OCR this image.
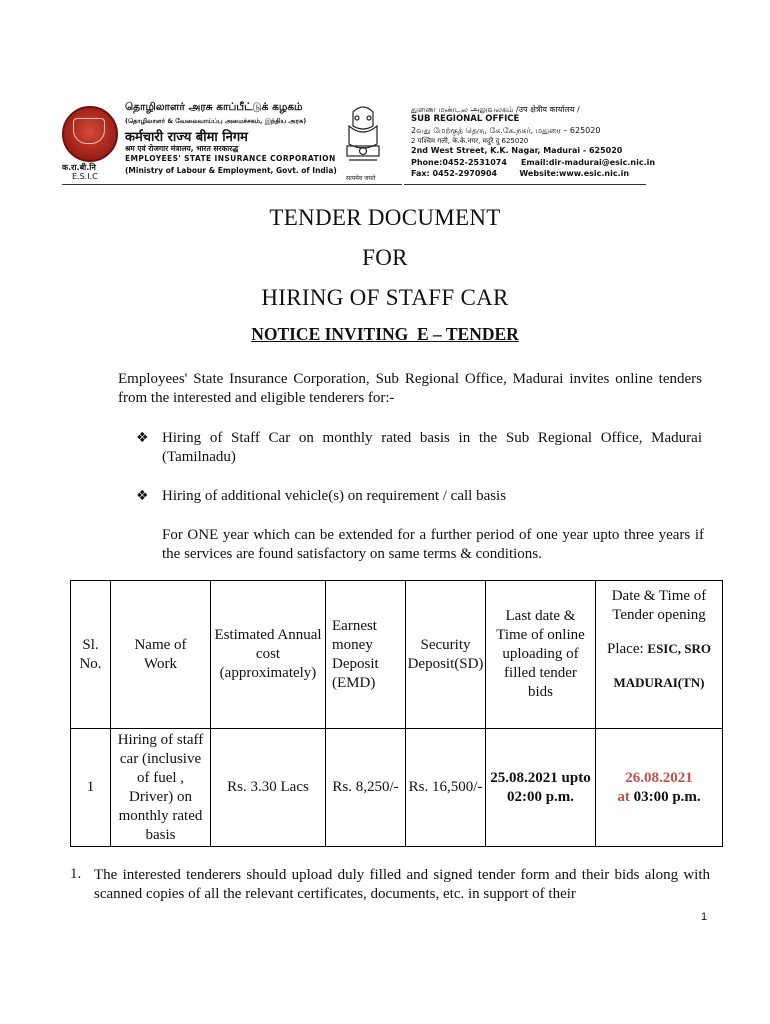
क.रा.बी.नि
E.S.I.C
தொழிலாளர் அரசு காப்பீட்டுக் கழகம்
(தொழிலாளர் & வேலைவாய்ப்பு அமைச்சகம், இந்திய அரசு)
कर्मचारी राज्य बीमा निगम
श्रम एवं रोजगार मंत्रालय, भारत सरकारद्ध
EMPLOYEES' STATE INSURANCE CORPORATION
(Ministry of Labour & Employment, Govt. of India)
सत्यमेव जयते
துணை மண்டல அலுவலகம் /उप क्षेत्रीय कार्यालय /
SUB REGIONAL OFFICE
2வது மேற்குத் தெரு, கே.கே.நகர், மதுரை – 625020
2 पश्चिम गली, के.के.नगर, मदुरै दु 625020
2nd West Street, K.K. Nagar, Madurai - 625020
Phone:0452-2531074     Email:dir-madurai@esic.nic.in
Fax: 0452-2970904        Website:www.esic.nic.in
TENDER DOCUMENT
FOR
HIRING OF STAFF CAR
NOTICE INVITING  E – TENDER
Employees' State Insurance Corporation, Sub Regional Office, Madurai invites online tenders from the interested and eligible tenderers for:-
❖ Hiring of Staff Car on monthly rated basis in the Sub Regional Office, Madurai (Tamilnadu)
❖ Hiring of additional vehicle(s) on requirement / call basis
For ONE year which can be extended for a further period of one year upto three years if the services are found satisfactory on same terms & conditions.
Sl. No.	Name of Work	Estimated Annual cost (approximately)	Earnest money Deposit (EMD)	Security Deposit(SD)	Last date & Time of online uploading of filled tender bids	Date & Time of Tender opening
Place: ESIC, SRO
MADURAI(TN)

1	Hiring of staff car (inclusive of fuel , Driver) on monthly rated basis	Rs. 3.30 Lacs	Rs. 8,250/-	Rs. 16,500/-	25.08.2021 upto 02:00 p.m.	26.08.2021
at 03:00 p.m.
1. The interested tenderers should upload duly filled and signed tender form and their bids along with scanned copies of all the relevant certificates, documents, etc. in support of their
1
